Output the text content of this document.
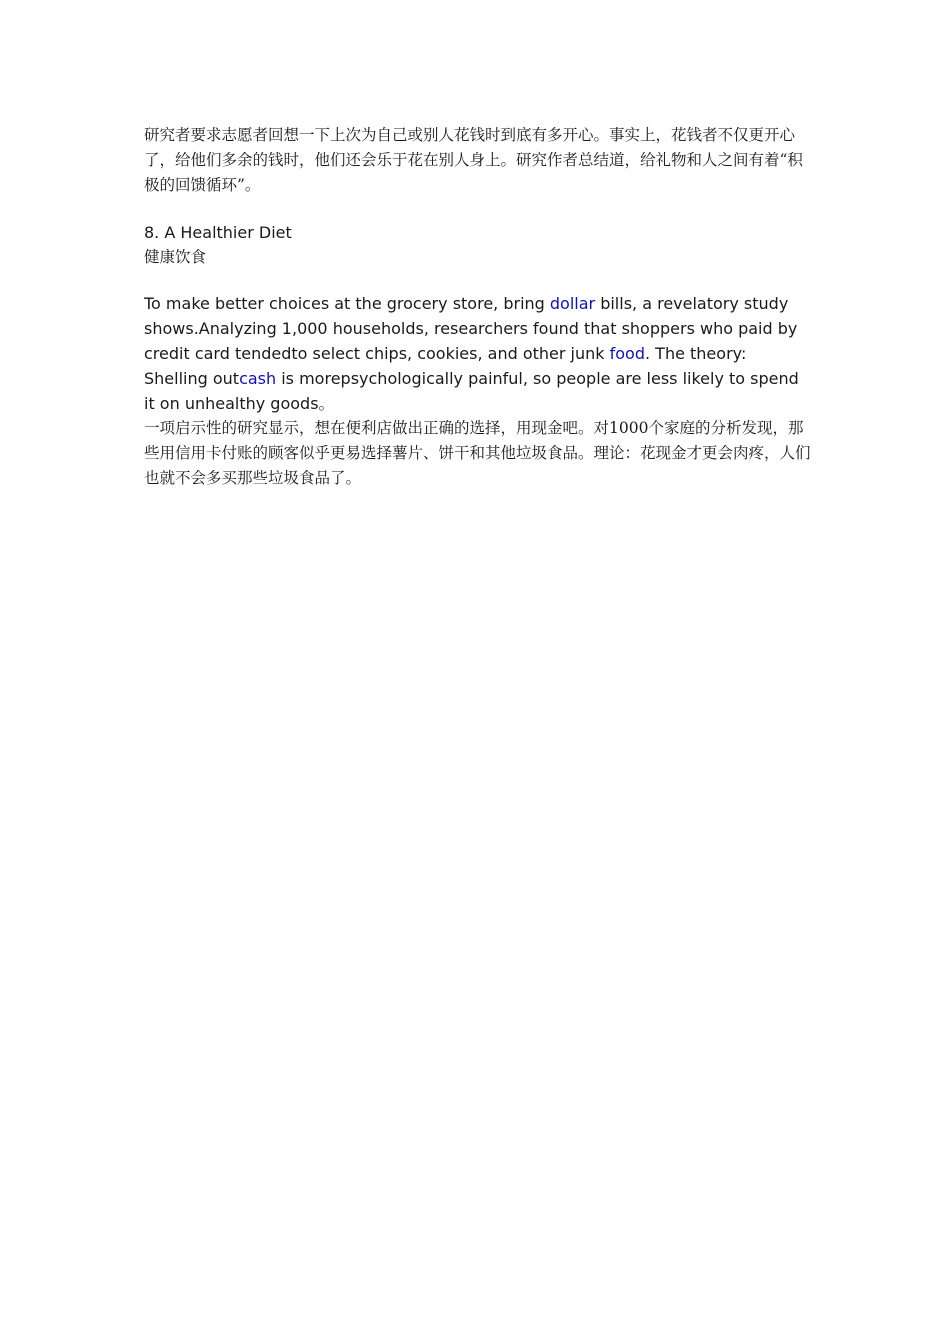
研究者要求志愿者回想一下上次为自己或别人花钱时到底有多开心。事实上，花钱者不仅更开心了，给他们多余的钱时，他们还会乐于花在别人身上。研究作者总结道，给礼物和人之间有着“积极的回馈循环”。

8. A Healthier Diet

健康饮食

To make better choices at the grocery store, bring dollar bills, a revelatory study shows.Analyzing 1,000 households, researchers found that shoppers who paid by credit card tendedto select chips, cookies, and other junk food. The theory: Shelling outcash is morepsychologically painful, so people are less likely to spend it on unhealthy goods。

一项启示性的研究显示，想在便利店做出正确的选择，用现金吧。对1000个家庭的分析发现，那些用信用卡付账的顾客似乎更易选择薯片、饼干和其他垃圾食品。理论：花现金才更会肉疼，人们也就不会多买那些垃圾食品了。
